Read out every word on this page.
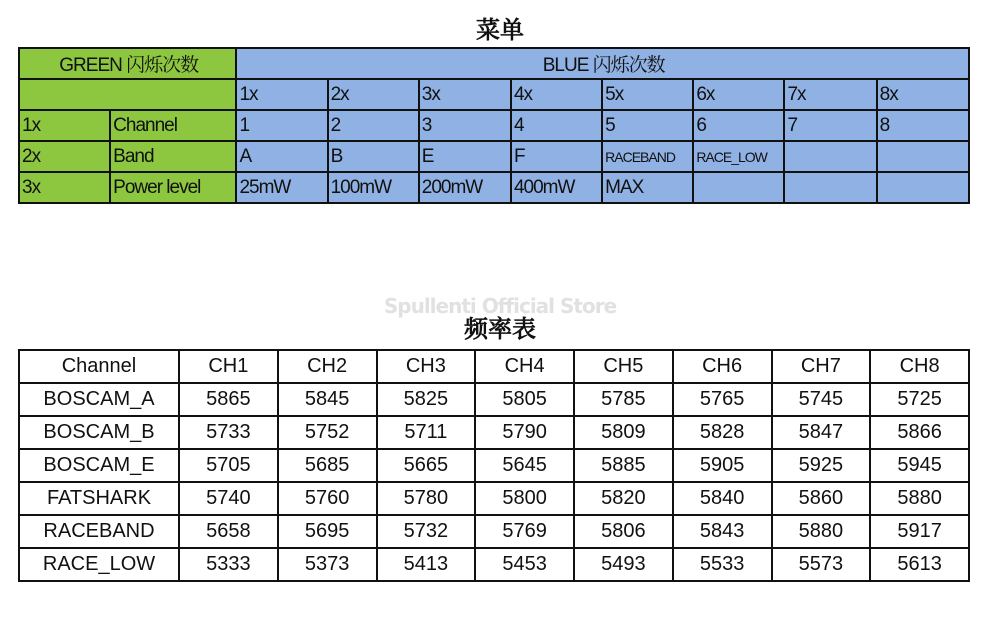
菜单
GREEN 闪烁次数		BLUE 闪烁次数							
		1x	2x	3x	4x	5x	6x	7x	8x
1x	Channel	1	2	3	4	5	6	7	8
2x	Band	A	B	E	F	RACEBAND	RACE_LOW		
3x	Power level	25mW	100mW	200mW	400mW	MAX			
Spullenti Official Store
频率表
Channel	CH1	CH2	CH3	CH4	CH5	CH6	CH7	CH8
BOSCAM_A	5865	5845	5825	5805	5785	5765	5745	5725
BOSCAM_B	5733	5752	5711	5790	5809	5828	5847	5866
BOSCAM_E	5705	5685	5665	5645	5885	5905	5925	5945
FATSHARK	5740	5760	5780	5800	5820	5840	5860	5880
RACEBAND	5658	5695	5732	5769	5806	5843	5880	5917
RACE_LOW	5333	5373	5413	5453	5493	5533	5573	5613
